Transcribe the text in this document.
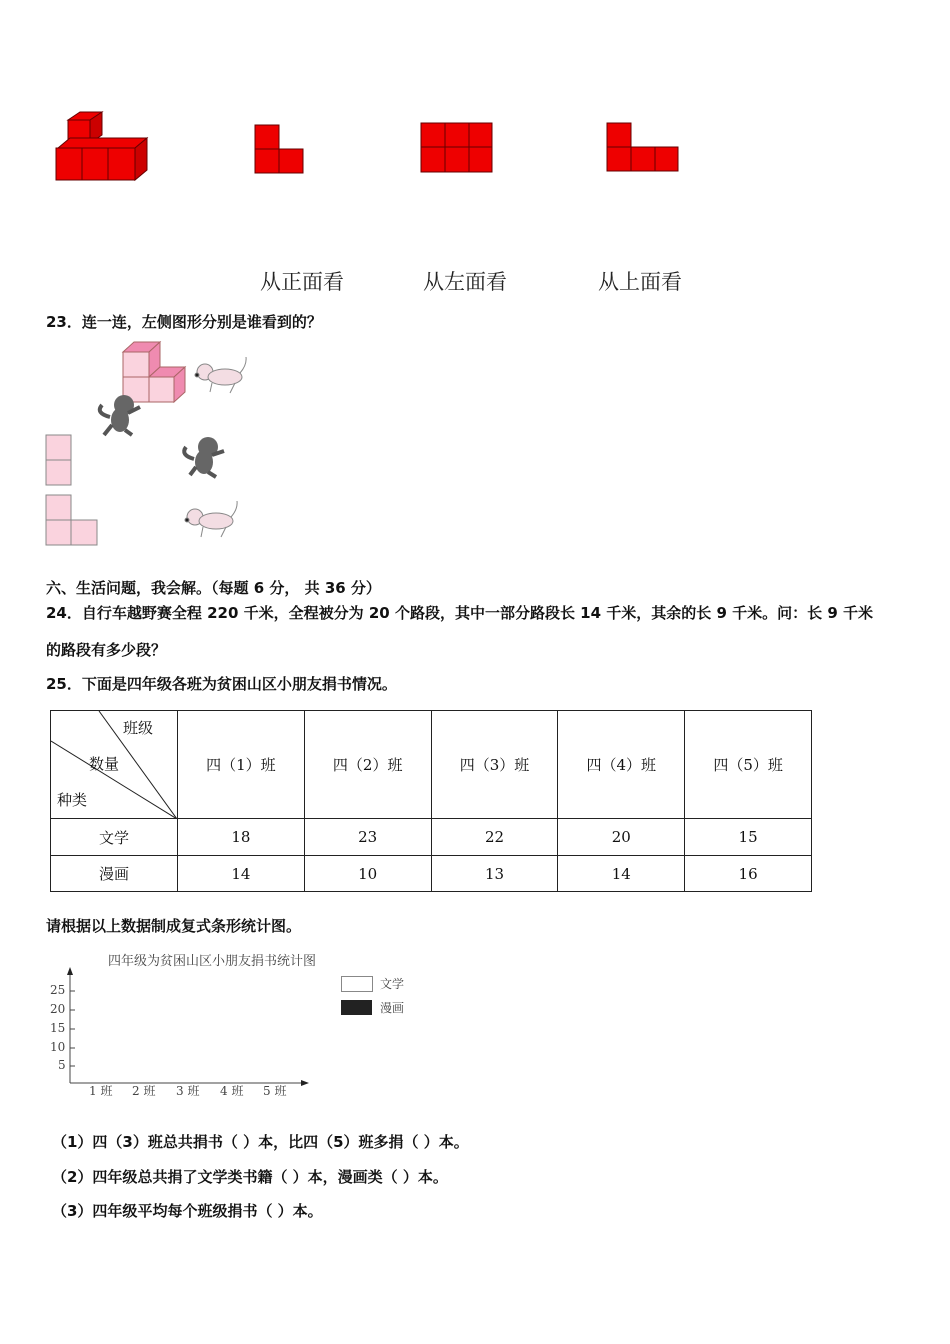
从正面看	从左面看	从上面看
23．连一连，左侧图形分别是谁看到的？
六、生活问题，我会解。（每题 6 分， 共 36 分）
24．自行车越野赛全程 220 千米，全程被分为 20 个路段，其中一部分路段长 14 千米，其余的长 9 千米。问：长 9 千米
的路段有多少段？
25．下面是四年级各班为贫困山区小朋友捐书情况。
班级
数量
种类	四（1）班	四（2）班	四（3）班	四（4）班	四（5）班
文学	18	23	22	20	15
漫画	14	10	13	14	16
请根据以上数据制成复式条形统计图。
四年级为贫困山区小朋友捐书统计图
25
20
15
10
5
1 班 2 班 3 班 4 班 5 班
文学
漫画
（1）四（3）班总共捐书（ ）本，比四（5）班多捐（ ）本。
（2）四年级总共捐了文学类书籍（ ）本，漫画类（ ）本。
（3）四年级平均每个班级捐书（ ）本。
